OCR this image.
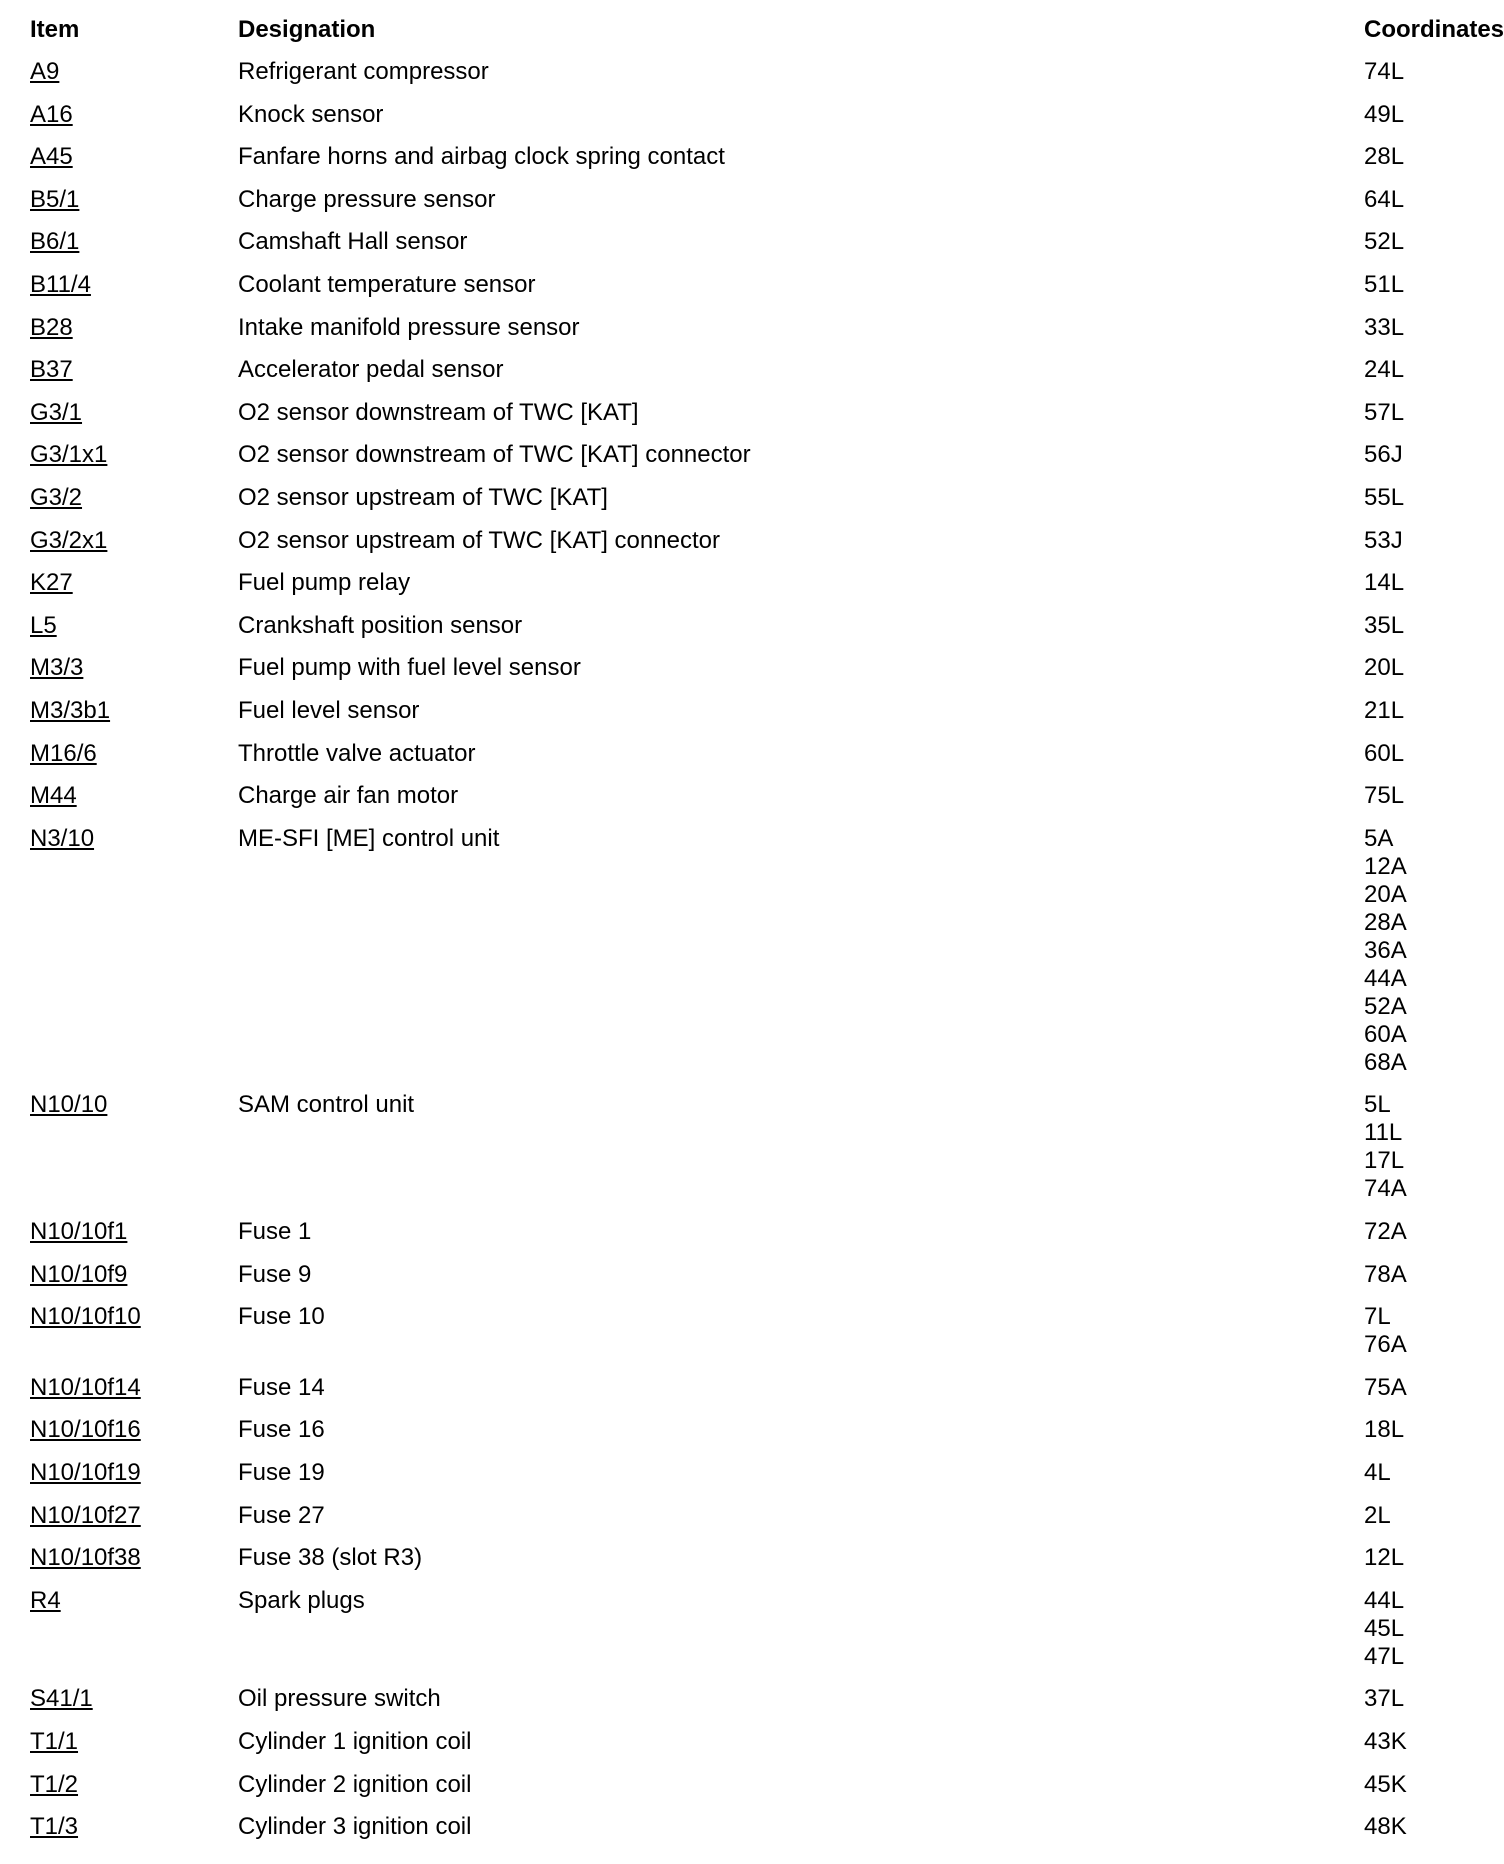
Item	Designation	Coordinates
A9	Refrigerant compressor	74L
A16	Knock sensor	49L
A45	Fanfare horns and airbag clock spring contact	28L
B5/1	Charge pressure sensor	64L
B6/1	Camshaft Hall sensor	52L
B11/4	Coolant temperature sensor	51L
B28	Intake manifold pressure sensor	33L
B37	Accelerator pedal sensor	24L
G3/1	O2 sensor downstream of TWC [KAT]	57L
G3/1x1	O2 sensor downstream of TWC [KAT] connector	56J
G3/2	O2 sensor upstream of TWC [KAT]	55L
G3/2x1	O2 sensor upstream of TWC [KAT] connector	53J
K27	Fuel pump relay	14L
L5	Crankshaft position sensor	35L
M3/3	Fuel pump with fuel level sensor	20L
M3/3b1	Fuel level sensor	21L
M16/6	Throttle valve actuator	60L
M44	Charge air fan motor	75L
N3/10	ME-SFI [ME] control unit	5A
12A
20A
28A
36A
44A
52A
60A
68A
N10/10	SAM control unit	5L
11L
17L
74A
N10/10f1	Fuse 1	72A
N10/10f9	Fuse 9	78A
N10/10f10	Fuse 10	7L
76A
N10/10f14	Fuse 14	75A
N10/10f16	Fuse 16	18L
N10/10f19	Fuse 19	4L
N10/10f27	Fuse 27	2L
N10/10f38	Fuse 38 (slot R3)	12L
R4	Spark plugs	44L
45L
47L
S41/1	Oil pressure switch	37L
T1/1	Cylinder 1 ignition coil	43K
T1/2	Cylinder 2 ignition coil	45K
T1/3	Cylinder 3 ignition coil	48K
